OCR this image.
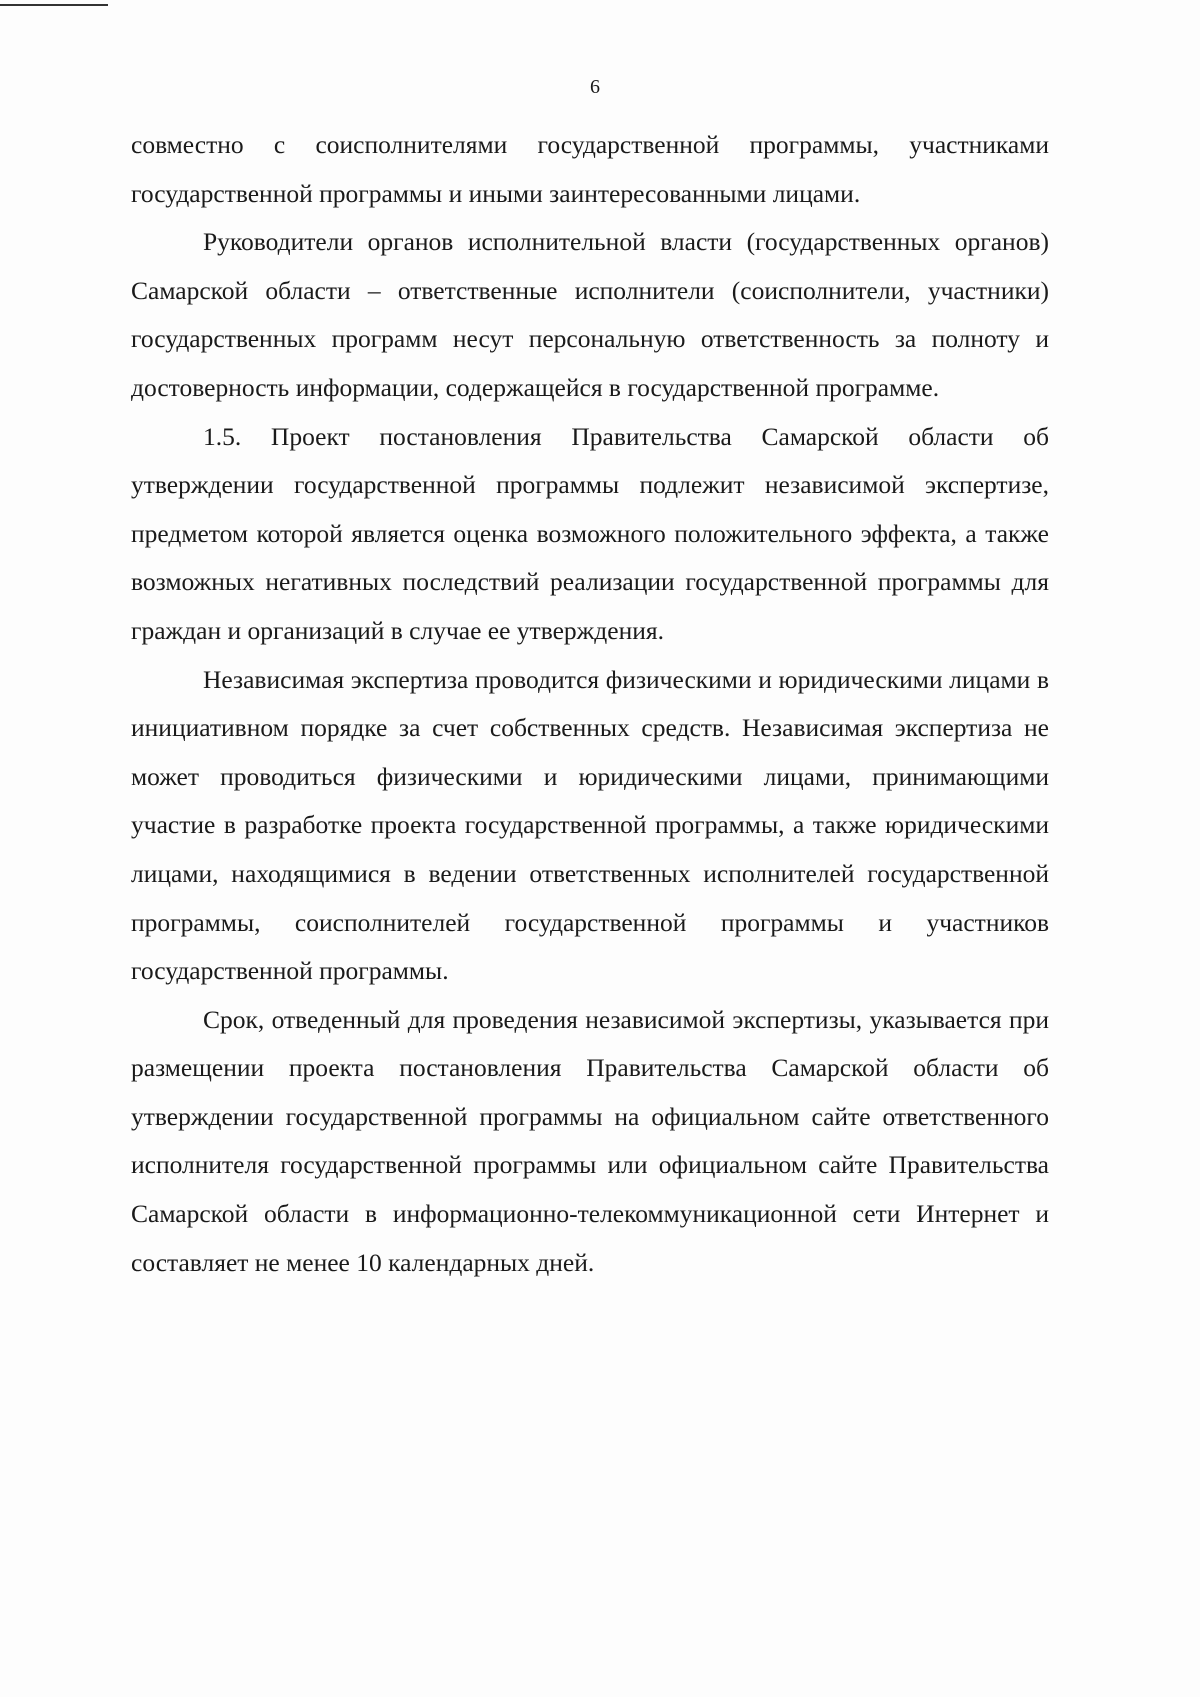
6

совместно с соисполнителями государственной программы, участниками государственной программы и иными заинтересованными лицами.

Руководители органов исполнительной власти (государственных органов) Самарской области – ответственные исполнители (соисполнители, участники) государственных программ несут персональную ответственность за полноту и достоверность информации, содержащейся в государственной программе.

1.5. Проект постановления Правительства Самарской области об утверждении государственной программы подлежит независимой экспертизе, предметом которой является оценка возможного положительного эффекта, а также возможных негативных последствий реализации государственной программы для граждан и организаций в случае ее утверждения.

Независимая экспертиза проводится физическими и юридическими лицами в инициативном порядке за счет собственных средств. Независимая экспертиза не может проводиться физическими и юридическими лицами, принимающими участие в разработке проекта государственной программы, а также юридическими лицами, находящимися в ведении ответственных исполнителей государственной программы, соисполнителей государственной программы и участников государственной программы.

Срок, отведенный для проведения независимой экспертизы, указывается при размещении проекта постановления Правительства Самарской области об утверждении государственной программы на официальном сайте ответственного исполнителя государственной программы или официальном сайте Правительства Самарской области в информационно-телекоммуникационной сети Интернет и составляет не менее 10 календарных дней.
